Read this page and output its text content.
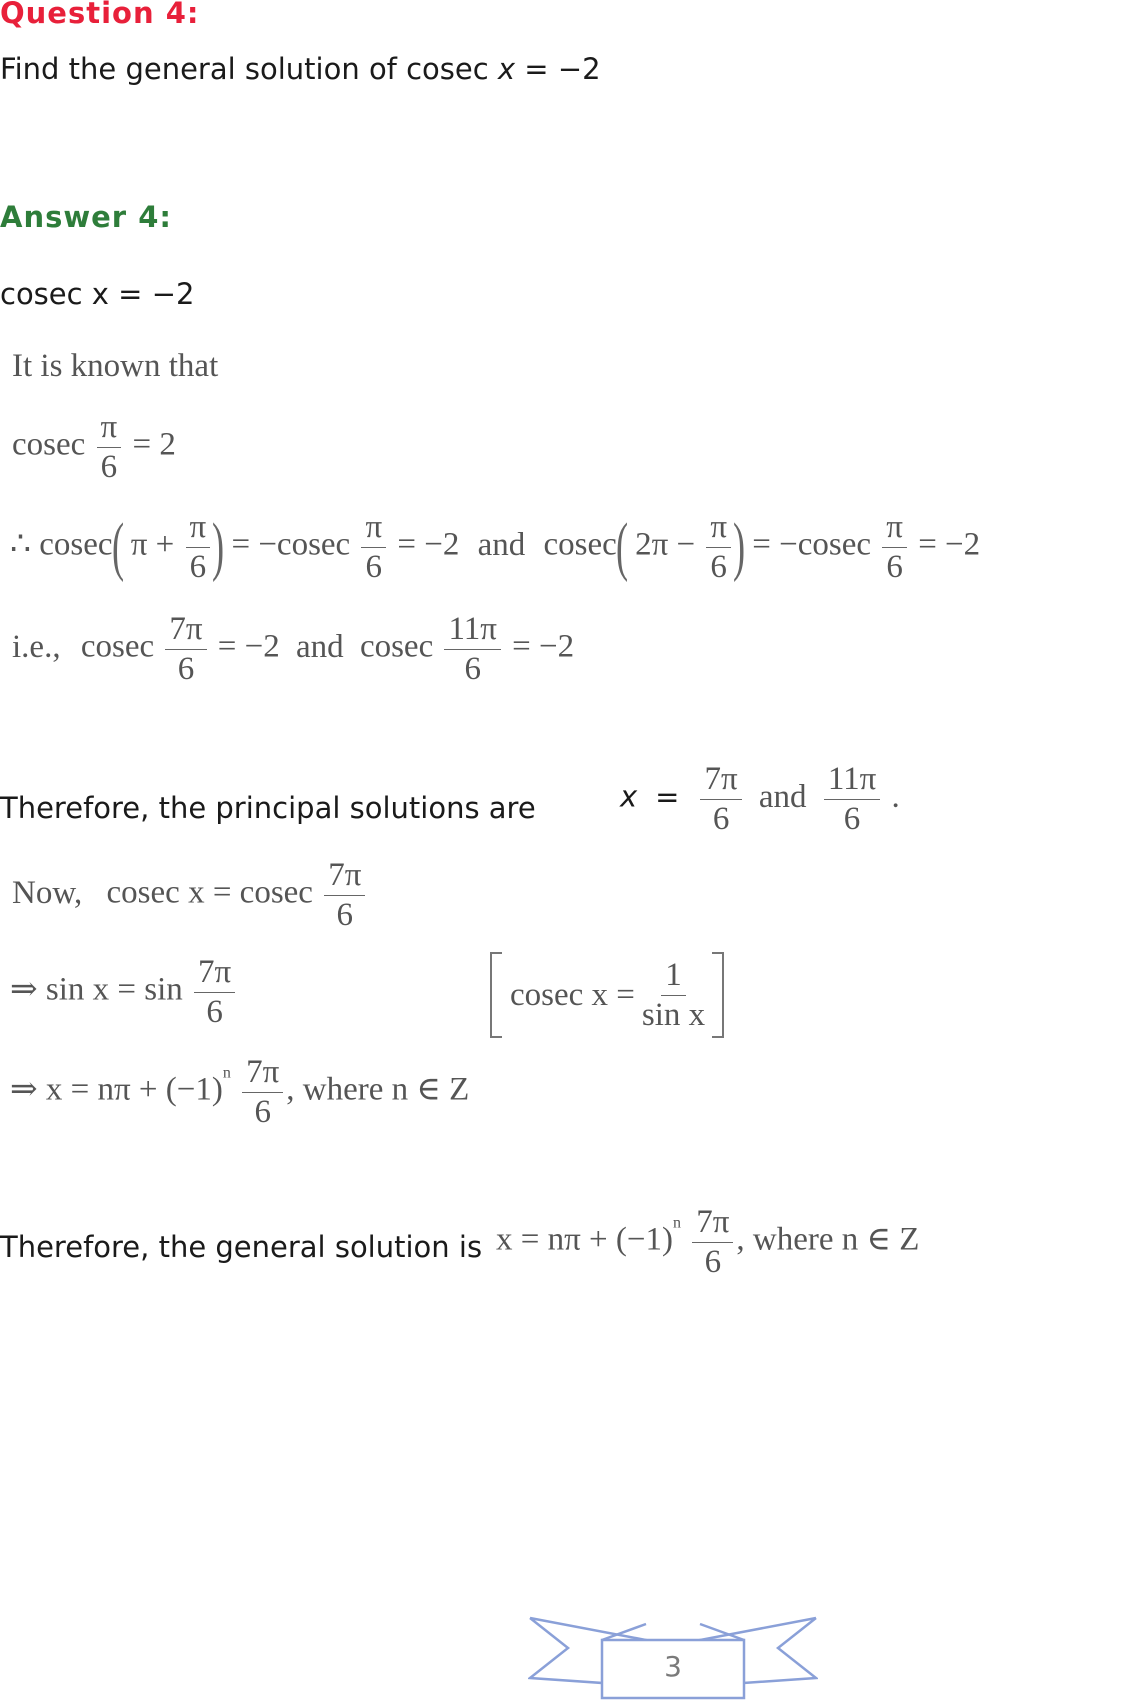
Question 4:
Find the general solution of cosec x = −2
Answer 4:
cosec x = −2
It is known that
cosec $\frac{\pi}{6} = 2$
∴ cosec( $\pi + \frac{\pi}{6}$ ) = $-cosec \frac{\pi}{6} = -2$ and cosec( $2\pi - \frac{\pi}{6}$ ) = $-cosec \frac{\pi}{6} = -2$
i.e., cosec $\frac{7\pi}{6} = -2$ and cosec $\frac{11\pi}{6} = -2$
Therefore, the principal solutions are	$x = \frac{7\pi}{6}$ and $\frac{11\pi}{6}$ .
Now, cosec x = cosec $\frac{7\pi}{6}$
⇒ $\sin x = \sin \frac{7\pi}{6}$	cosec $x = \frac{1}{\text{sin x}}$
⇒ $x = n\pi + (-1)^n \frac{7\pi}{6}$ , where n ∈ Z
Therefore, the general solution is $x = n\pi + (-1)^n \frac{7\pi}{6}$ , where n ∈ Z
3
